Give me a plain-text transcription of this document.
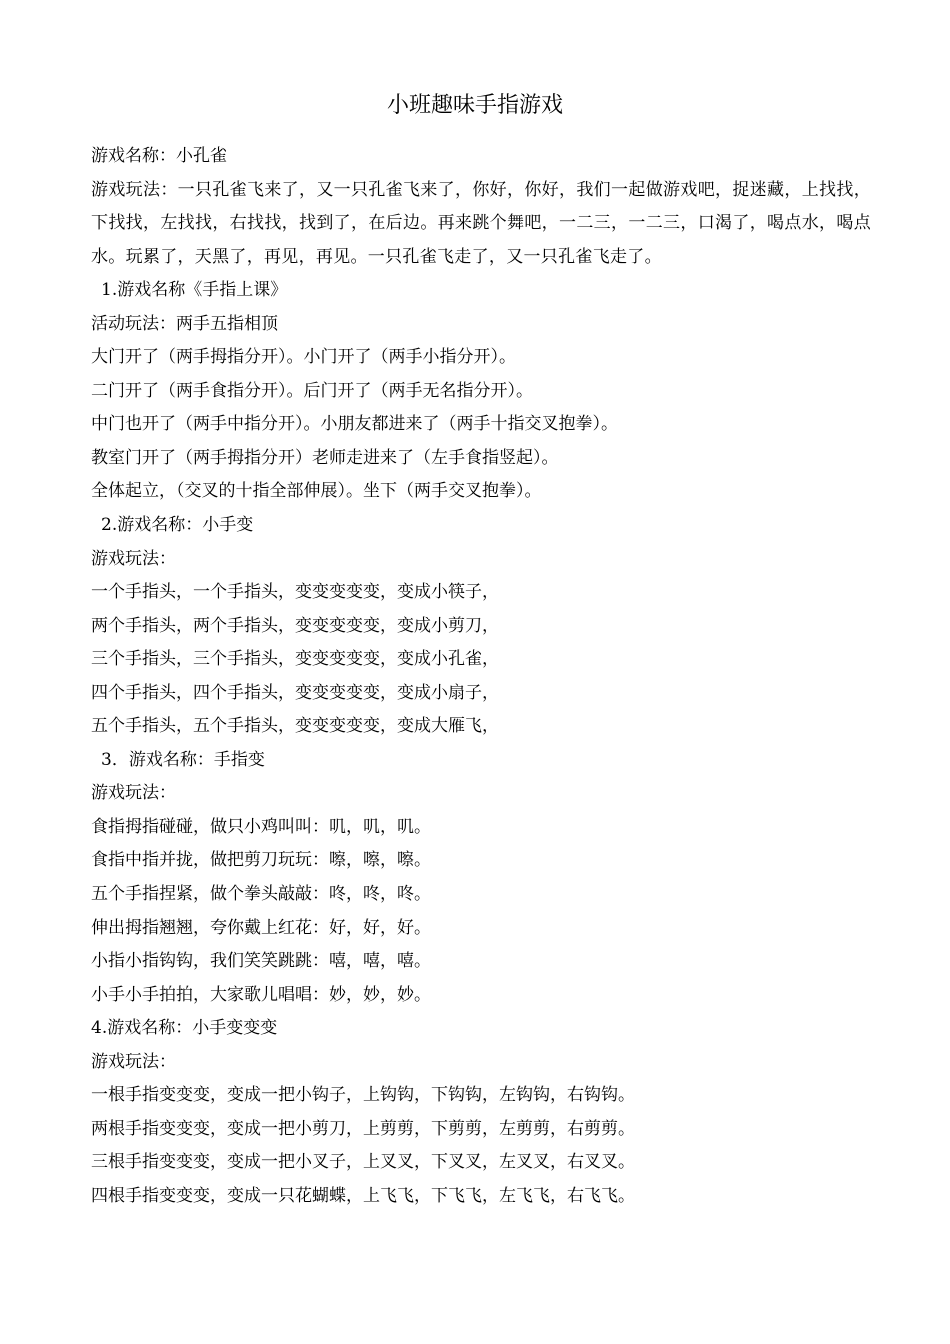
小班趣味手指游戏
游戏名称：小孔雀
游戏玩法：一只孔雀飞来了，又一只孔雀飞来了，你好，你好，我们一起做游戏吧，捉迷藏，上找找，下找找，左找找，右找找，找到了，在后边。再来跳个舞吧，一二三，一二三，口渴了，喝点水，喝点水。玩累了，天黑了，再见，再见。一只孔雀飞走了，又一只孔雀飞走了。
1.游戏名称《手指上课》
活动玩法：两手五指相顶
大门开了（两手拇指分开）。小门开了（两手小指分开）。
二门开了（两手食指分开）。后门开了（两手无名指分开）。
中门也开了（两手中指分开）。小朋友都进来了（两手十指交叉抱拳）。
教室门开了（两手拇指分开）老师走进来了（左手食指竖起）。
全体起立，（交叉的十指全部伸展）。坐下（两手交叉抱拳）。
2.游戏名称：小手变
游戏玩法：
一个手指头，一个手指头，变变变变变，变成小筷子，
两个手指头，两个手指头，变变变变变，变成小剪刀，
三个手指头，三个手指头，变变变变变，变成小孔雀，
四个手指头，四个手指头，变变变变变，变成小扇子，
五个手指头，五个手指头，变变变变变，变成大雁飞，
3．游戏名称：手指变
游戏玩法：
食指拇指碰碰，做只小鸡叫叫：叽，叽，叽。
食指中指并拢，做把剪刀玩玩：嚓，嚓，嚓。
五个手指捏紧，做个拳头敲敲：咚，咚，咚。
伸出拇指翘翘，夸你戴上红花：好，好，好。
小指小指钩钩，我们笑笑跳跳：嘻，嘻，嘻。
小手小手拍拍，大家歌儿唱唱：妙，妙，妙。
4.游戏名称：小手变变变
游戏玩法：
一根手指变变变，变成一把小钩子，上钩钩，下钩钩，左钩钩，右钩钩。
两根手指变变变，变成一把小剪刀，上剪剪，下剪剪，左剪剪，右剪剪。
三根手指变变变，变成一把小叉子，上叉叉，下叉叉，左叉叉，右叉叉。
四根手指变变变，变成一只花蝴蝶，上飞飞，下飞飞，左飞飞，右飞飞。
